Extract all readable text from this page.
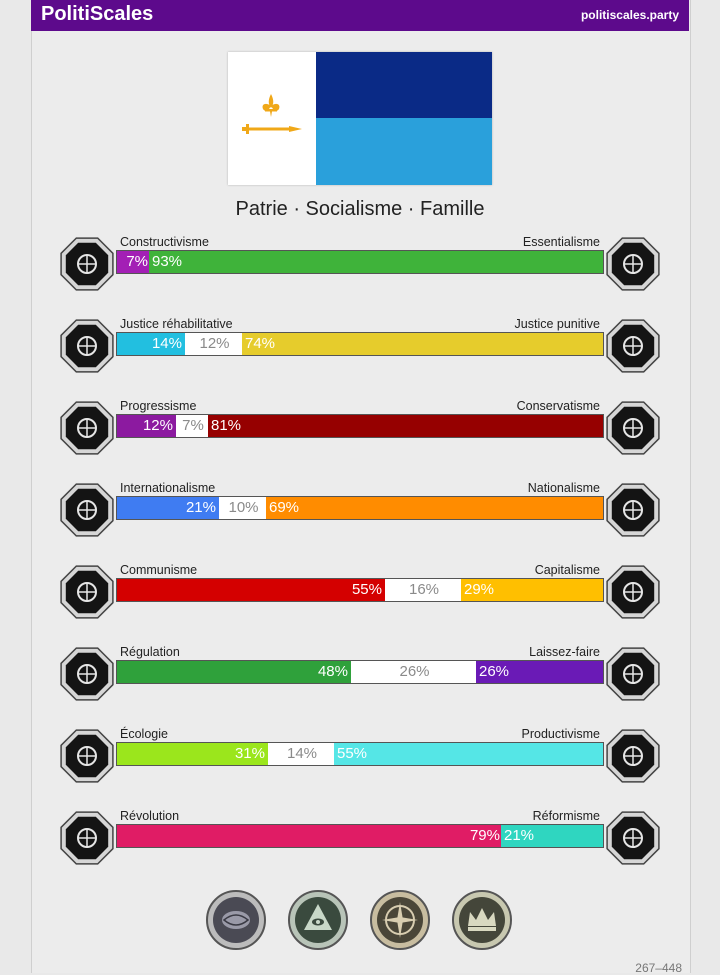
PolitiScales	politiscales.party
Patrie · Socialisme · Famille
Constructivisme	Essentialisme
7% 93%
Justice réhabilitative	Justice punitive
14%	12%	74%
Progressisme	Conservatisme
12% 7% 81%
Internationalisme	Nationalisme
21% 10% 69%
Communisme	Capitalisme
55%	16%	29%
Régulation	Laissez-faire
48%	26%	26%
Écologie	Productivisme
31%	14%	55%
Révolution	Réformisme
79% 21%
267–448
